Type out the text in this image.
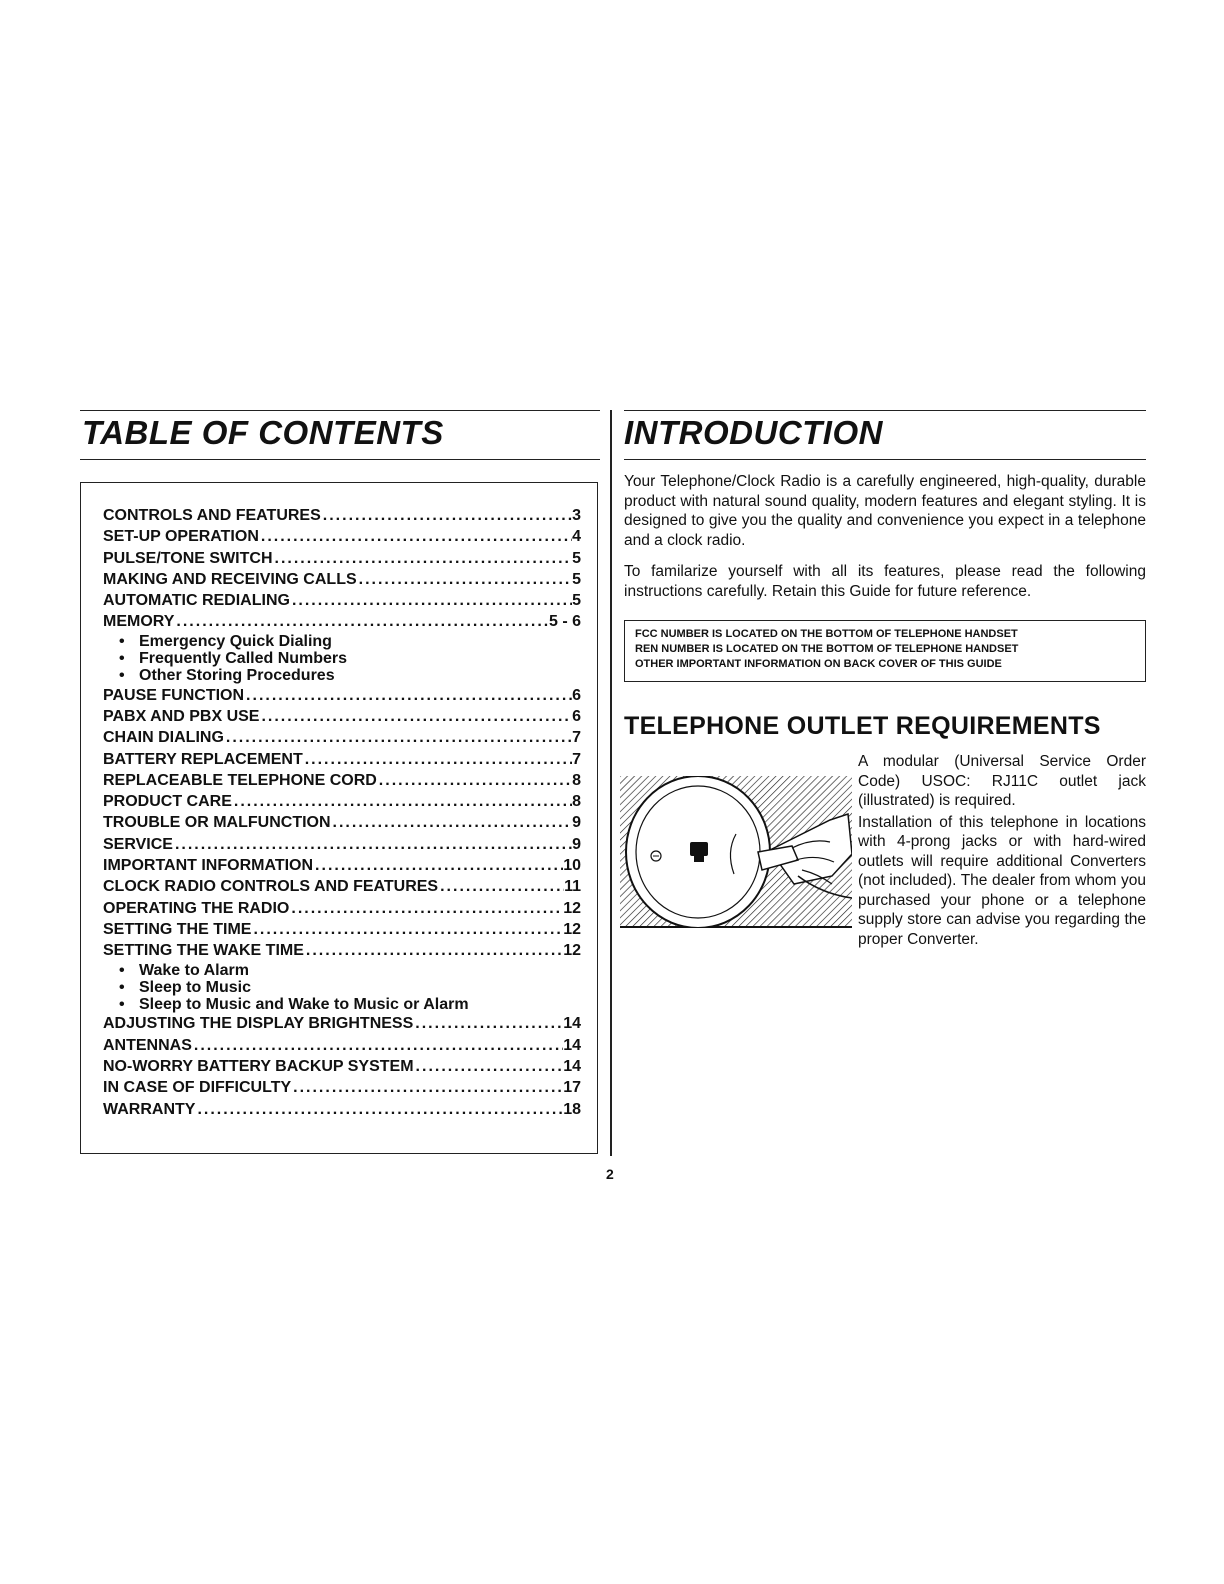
TABLE OF CONTENTS	INTRODUCTION
CONTROLS AND FEATURES .....	3
SET-UP OPERATION .....	4
PULSE/TONE SWITCH .....	5
MAKING AND RECEIVING CALLS .....	5
AUTOMATIC REDIALING .....	5
MEMORY .....	5 - 6
• Emergency Quick Dialing
• Frequently Called Numbers
• Other Storing Procedures
PAUSE FUNCTION .....	6
PABX AND PBX USE .....	6
CHAIN DIALING .....	7
BATTERY REPLACEMENT .....	7
REPLACEABLE TELEPHONE CORD .....	8
PRODUCT CARE .....	8
TROUBLE OR MALFUNCTION .....	9
SERVICE .....	9
IMPORTANT INFORMATION .....	10
CLOCK RADIO CONTROLS AND FEATURES .....	11
OPERATING THE RADIO .....	12
SETTING THE TIME .....	12
SETTING THE WAKE TIME .....	12
• Wake to Alarm
• Sleep to Music
• Sleep to Music and Wake to Music or Alarm
ADJUSTING THE DISPLAY BRIGHTNESS .....	14
ANTENNAS .....	14
NO-WORRY BATTERY BACKUP SYSTEM .....	14
IN CASE OF DIFFICULTY .....	17
WARRANTY .....	18

Your Telephone/Clock Radio is a carefully engineered, high-quality, durable product with natural sound quality, modern features and elegant styling. It is designed to give you the quality and convenience you expect in a telephone and a clock radio.

To familarize yourself with all its features, please read the following instructions carefully. Retain this Guide for future reference.

FCC NUMBER IS LOCATED ON THE BOTTOM OF TELEPHONE HANDSET
REN NUMBER IS LOCATED ON THE BOTTOM OF TELEPHONE HANDSET
OTHER IMPORTANT INFORMATION ON BACK COVER OF THIS GUIDE
TELEPHONE OUTLET REQUIREMENTS

A modular (Universal Service Order Code) USOC: RJ11C outlet jack (illustrated) is required.

Installation of this telephone in locations with 4-prong jacks or with hard-wired outlets will require additional Converters (not included). The dealer from whom you purchased your phone or a telephone supply store can advise you regarding the proper Converter.

2
